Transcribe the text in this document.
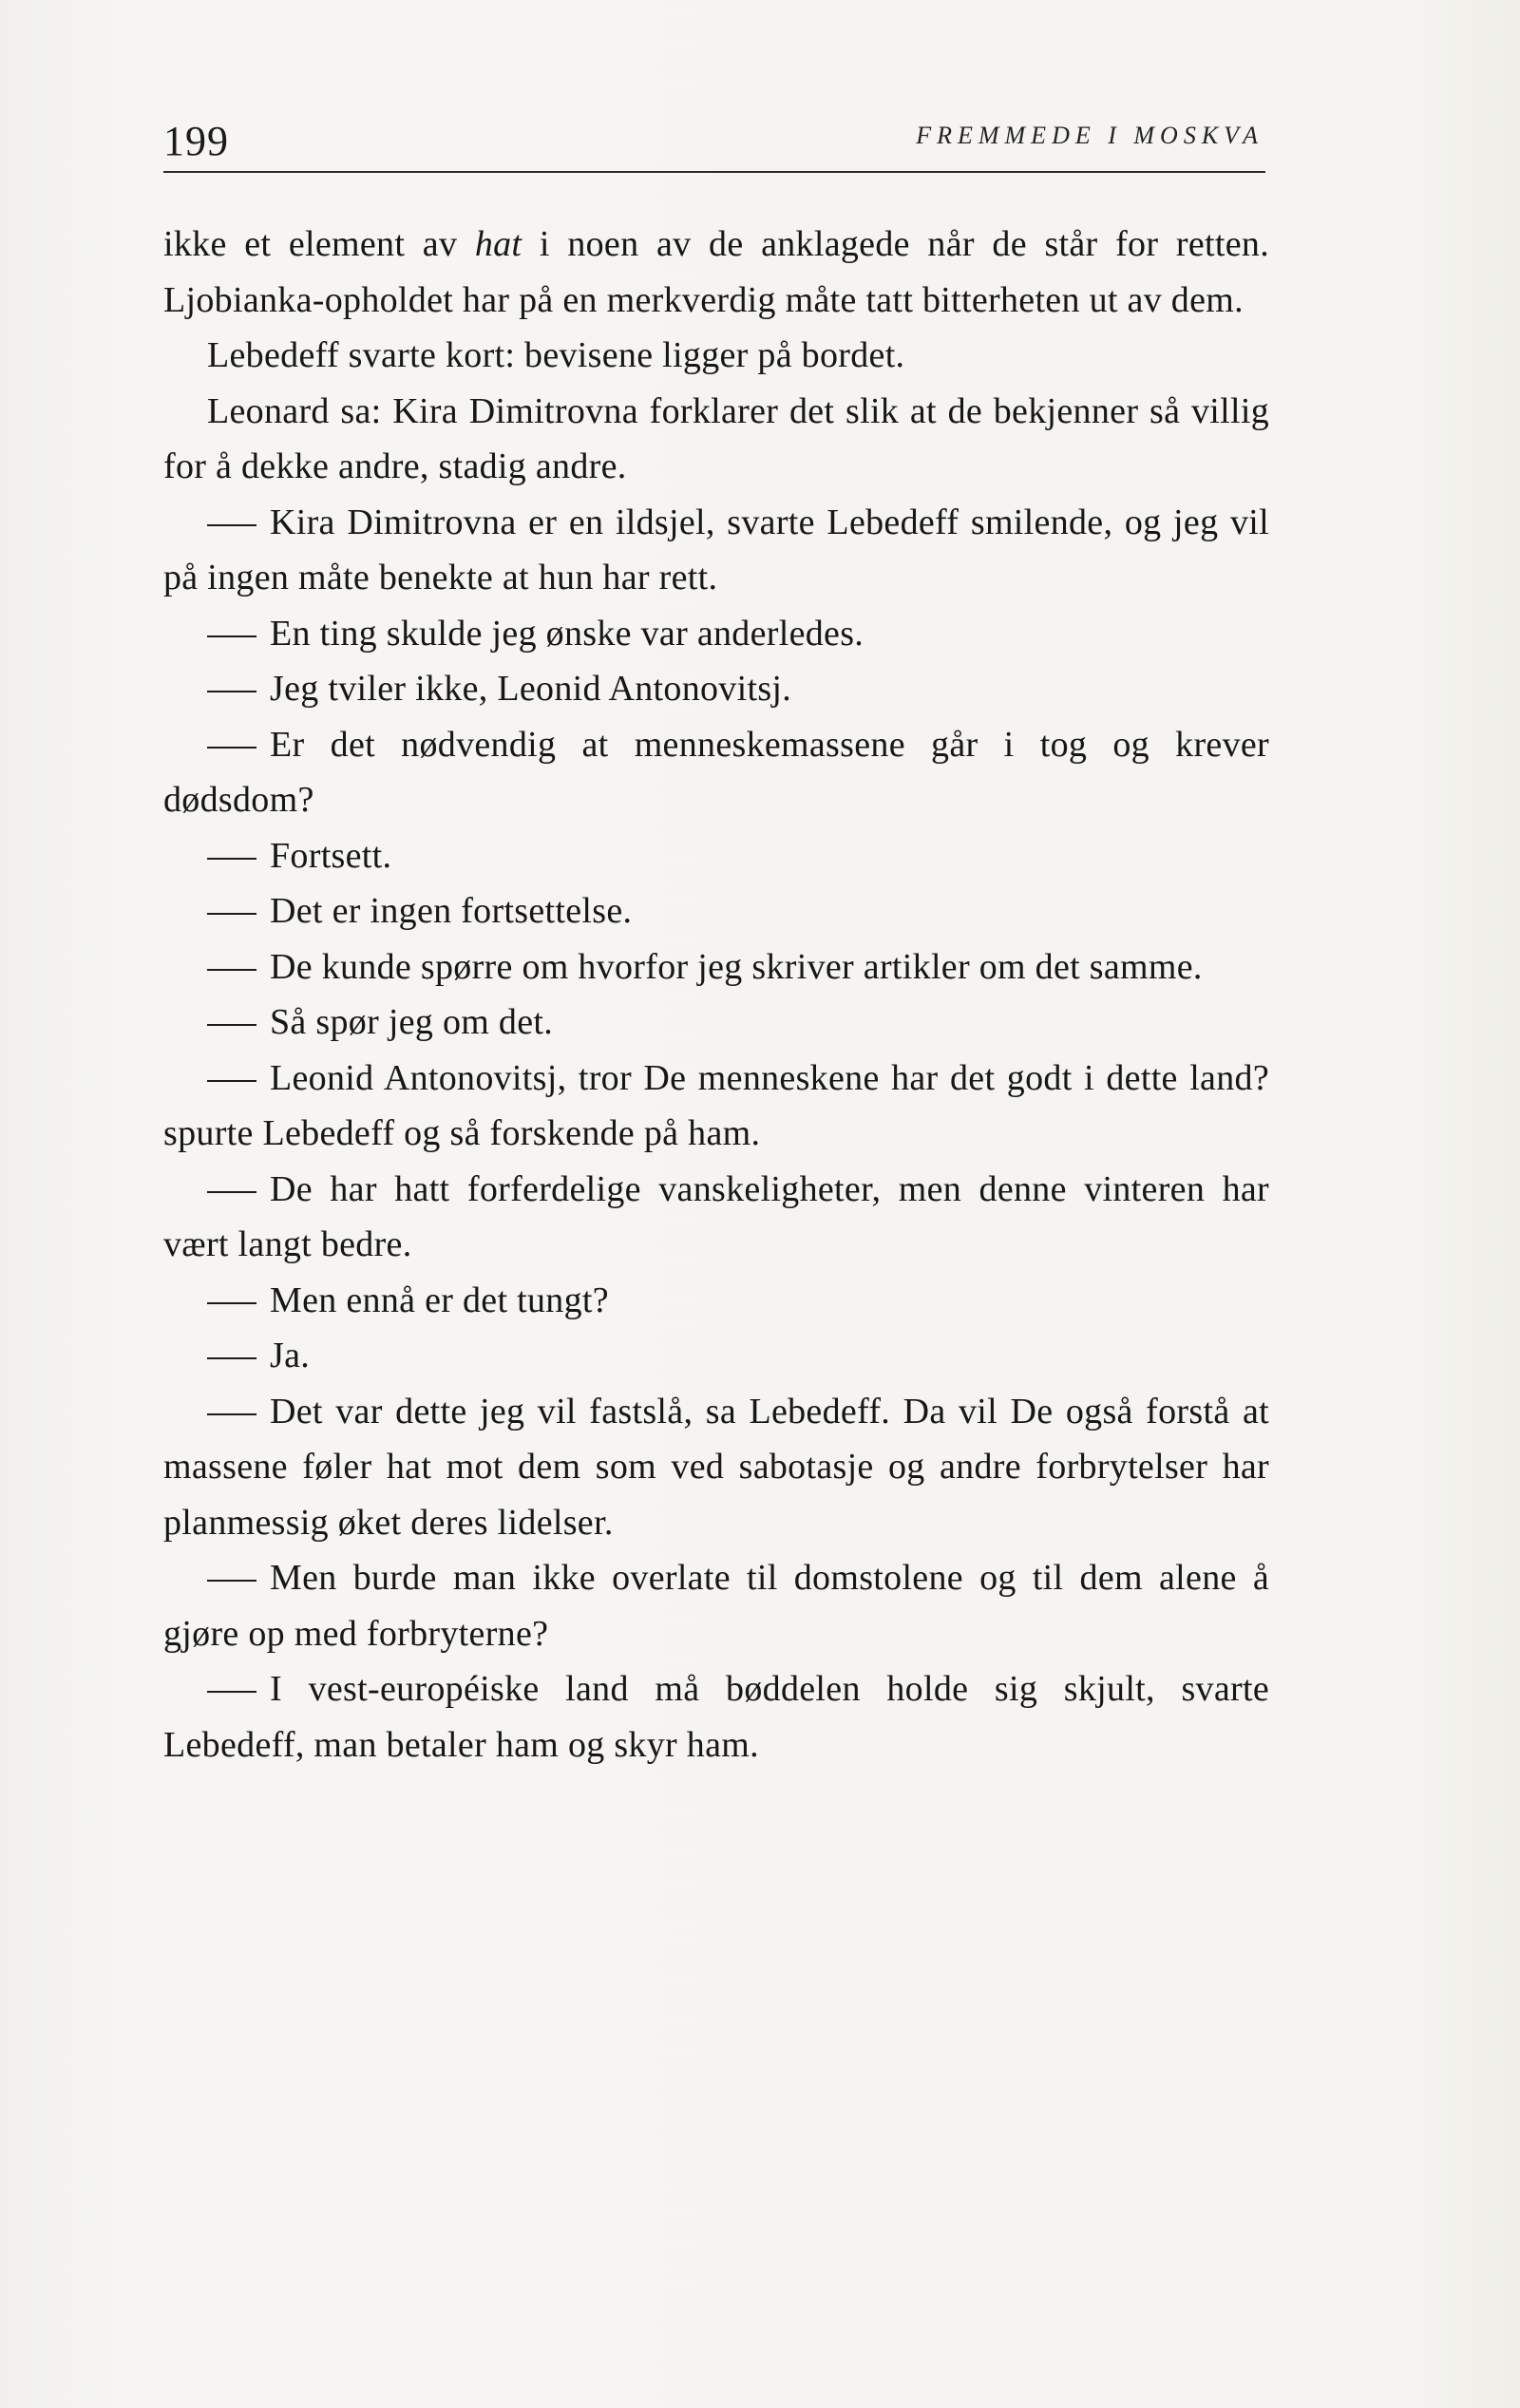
199	FREMMEDE I MOSKVA

ikke et element av hat i noen av de anklagede når de står for retten. Ljobianka-opholdet har på en merkverdig måte tatt bitterheten ut av dem.

Lebedeff svarte kort: bevisene ligger på bordet.

Leonard sa: Kira Dimitrovna forklarer det slik at de bekjenner så villig for å dekke andre, stadig andre.

Kira Dimitrovna er en ildsjel, svarte Lebedeff smilende, og jeg vil på ingen måte benekte at hun har rett.

En ting skulde jeg ønske var anderledes.

Jeg tviler ikke, Leonid Antonovitsj.

Er det nødvendig at menneskemassene går i tog og krever dødsdom?

Fortsett.

Det er ingen fortsettelse.

De kunde spørre om hvorfor jeg skriver artikler om det samme.

Så spør jeg om det.

Leonid Antonovitsj, tror De menneskene har det godt i dette land? spurte Lebedeff og så forskende på ham.

De har hatt forferdelige vanskeligheter, men denne vinteren har vært langt bedre.

Men ennå er det tungt?

Ja.

Det var dette jeg vil fastslå, sa Lebedeff. Da vil De også forstå at massene føler hat mot dem som ved sabotasje og andre forbrytelser har planmessig øket deres lidelser.

Men burde man ikke overlate til domstolene og til dem alene å gjøre op med forbryterne?

I vest-européiske land må bøddelen holde sig skjult, svarte Lebedeff, man betaler ham og skyr ham.
